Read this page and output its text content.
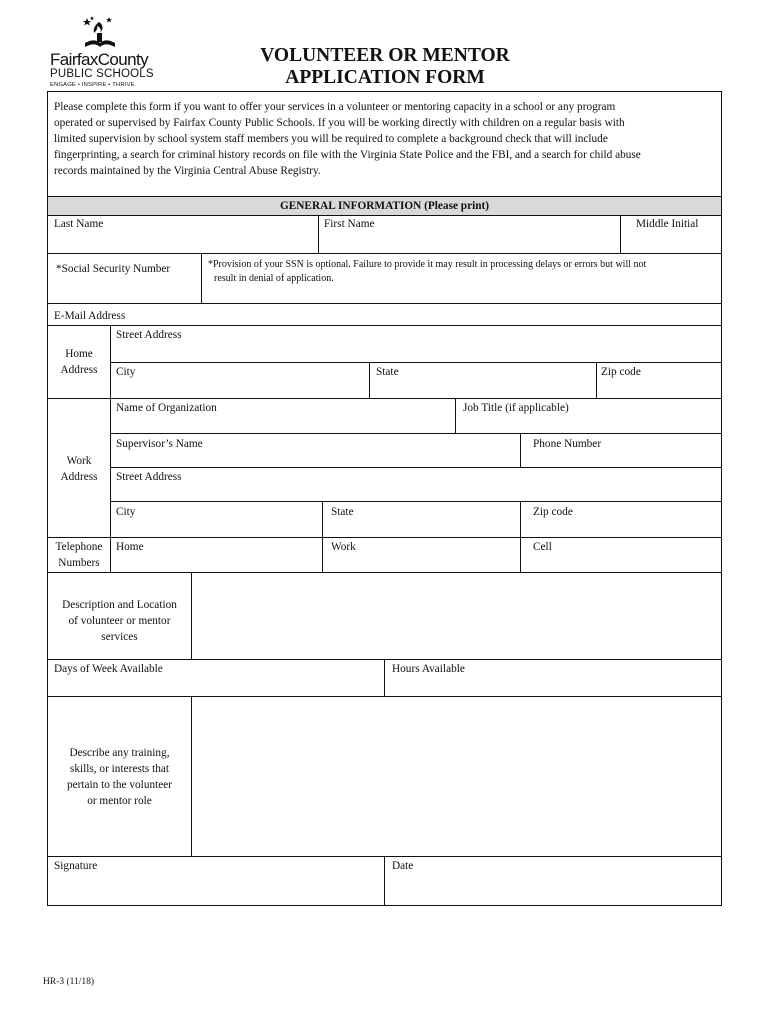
FairfaxCounty
PUBLIC SCHOOLS
ENGAGE • INSPIRE • THRIVE
VOLUNTEER OR MENTOR
APPLICATION FORM
Please complete this form if you want to offer your services in a volunteer or mentoring capacity in a school or any program
operated or supervised by Fairfax County Public Schools. If you will be working directly with children on a regular basis with
limited supervision by school system staff members you will be required to complete a background check that will include
fingerprinting, a search for criminal history records on file with the Virginia State Police and the FBI, and a search for child abuse
records maintained by the Virginia Central Abuse Registry.
GENERAL INFORMATION (Please print)
Last Name	First Name	Middle Initial
*Social Security Number	*Provision of your SSN is optional. Failure to provide it may result in processing delays or errors but will not
result in denial of application.
E-Mail Address
Home
Address
Street Address
City	State	Zip code
Work
Address
Name of Organization	Job Title (if applicable)
Supervisor’s Name	Phone Number
Street Address
City	State	Zip code
Telephone
Numbers
Home	Work	Cell
Description and Location
of volunteer or mentor
services
Days of Week Available	Hours Available
Describe any training,
skills, or interests that
pertain to the volunteer
or mentor role
Signature	Date
HR-3 (11/18)
